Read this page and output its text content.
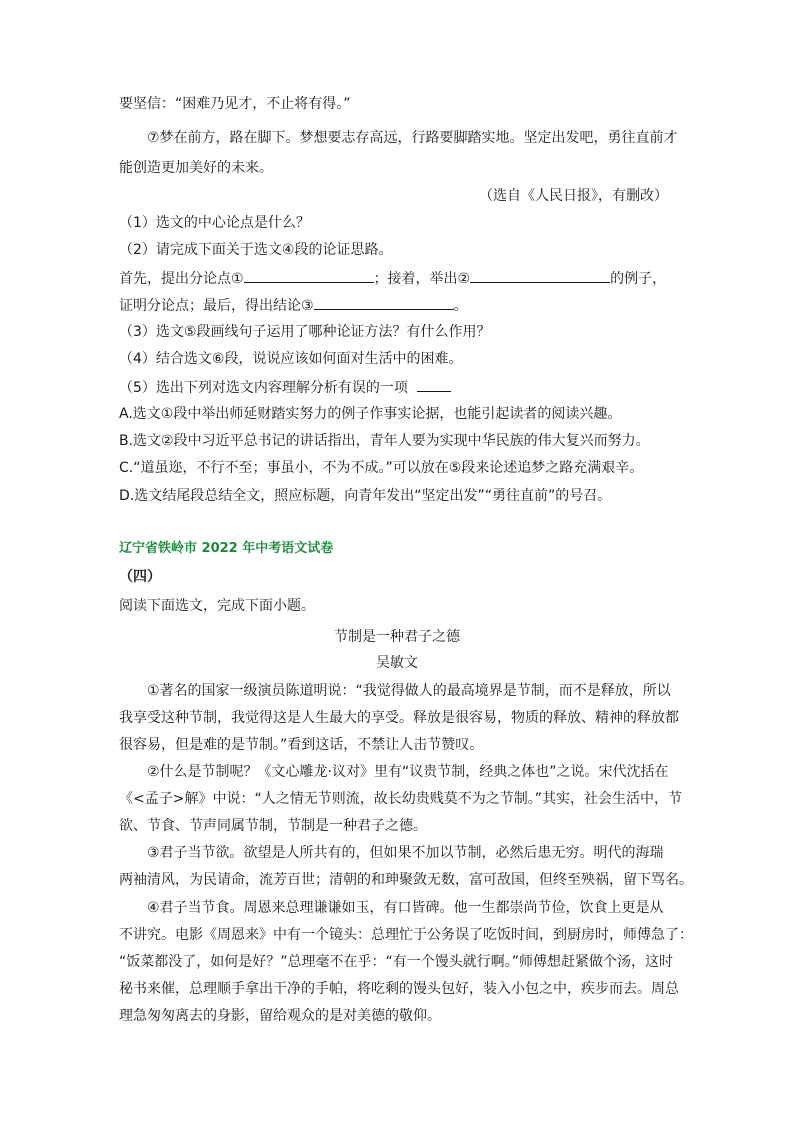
要坚信：“困难乃见才，不止将有得。”
⑦梦在前方，路在脚下。梦想要志存高远，行路要脚踏实地。坚定出发吧，勇往直前才
能创造更加美好的未来。
（选自《人民日报》，有删改）
（1）选文的中心论点是什么？
（2）请完成下面关于选文④段的论证思路。
首先，提出分论点①	；接着，举出②	的例子，
证明分论点；最后，得出结论③	。
（3）选文⑤段画线句子运用了哪种论证方法？有什么作用？
（4）结合选文⑥段，说说应该如何面对生活中的困难。
（5）选出下列对选文内容理解分析有误的一项
A.选文①段中举出师延财踏实努力的例子作事实论据，也能引起读者的阅读兴趣。
B.选文②段中习近平总书记的讲话指出，青年人要为实现中华民族的伟大复兴而努力。
C.“道虽迩，不行不至；事虽小，不为不成。”可以放在⑤段来论述追梦之路充满艰辛。
D.选文结尾段总结全文，照应标题，向青年发出“坚定出发”“勇往直前”的号召。
辽宁省铁岭市 2022 年中考语文试卷
（四）
阅读下面选文，完成下面小题。
节制是一种君子之德
吴敏文
①著名的国家一级演员陈道明说：“我觉得做人的最高境界是节制，而不是释放，所以
我享受这种节制，我觉得这是人生最大的享受。释放是很容易，物质的释放、精神的释放都
很容易，但是难的是节制。”看到这话，不禁让人击节赞叹。
②什么是节制呢？《文心雕龙·议对》里有“议贵节制，经典之体也”之说。宋代沈括在
《<孟子>解》中说：“人之情无节则流，故长幼贵贱莫不为之节制。”其实，社会生活中，节
欲、节食、节声同属节制，节制是一种君子之德。
③君子当节欲。欲望是人所共有的，但如果不加以节制，必然后患无穷。明代的海瑞
两袖清风，为民请命，流芳百世；清朝的和珅聚敛无数，富可敌国，但终至殃祸，留下骂名。
④君子当节食。周恩来总理谦谦如玉，有口皆碑。他一生都崇尚节俭，饮食上更是从
不讲究。电影《周恩来》中有一个镜头：总理忙于公务误了吃饭时间，到厨房时，师傅急了：
“饭菜都没了，如何是好？”总理毫不在乎：“有一个馒头就行啊。”师傅想赶紧做个汤，这时
秘书来催，总理顺手拿出干净的手帕，将吃剩的馒头包好，装入小包之中，疾步而去。周总
理急匆匆离去的身影，留给观众的是对美德的敬仰。
